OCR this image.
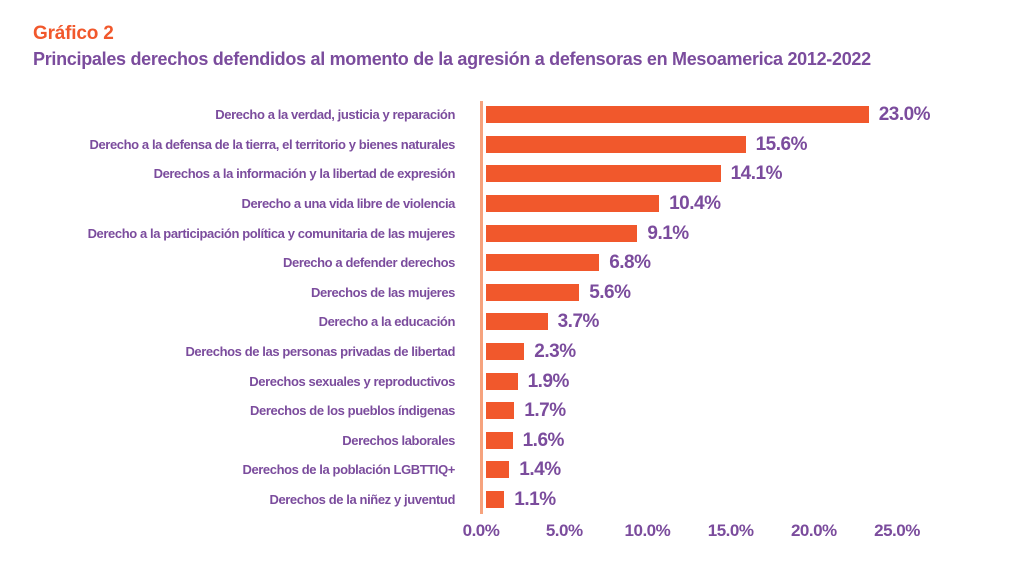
Gráfico 2
Principales derechos defendidos al momento de la agresión a defensoras en Mesoamerica 2012-2022
Derecho a la verdad, justicia y reparación	23.0%
Derecho a la defensa de la tierra, el territorio y bienes naturales	15.6%
Derechos a la información y la libertad de expresión	14.1%
Derecho a una vida libre de violencia	10.4%
Derecho a la participación política y comunitaria de las mujeres	9.1%
Derecho a defender derechos	6.8%
Derechos de las mujeres	5.6%
Derecho a la educación	3.7%
Derechos de las personas privadas de libertad	2.3%
Derechos sexuales y reproductivos	1.9%
Derechos de los pueblos índigenas	1.7%
Derechos laborales	1.6%
Derechos de la población LGBTTIQ+	1.4%
Derechos de la niñez y juventud	1.1%
0.0%	5.0% 10.0% 15.0% 20.0% 25.0%
